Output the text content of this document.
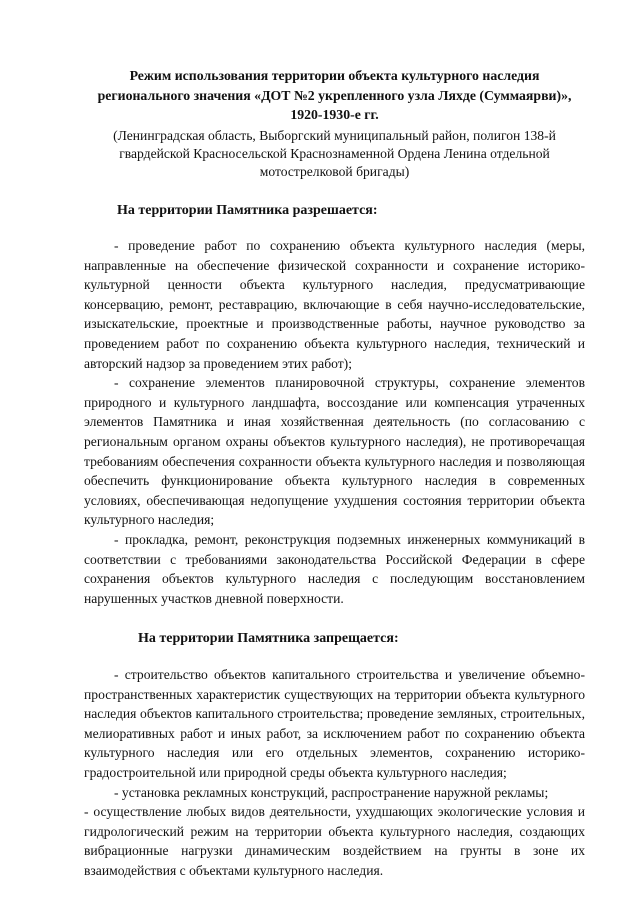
Режим использования территории объекта культурного наследия регионального значения «ДОТ №2 укрепленного узла Ляхде (Суммаярви)», 1920-1930-е гг.

(Ленинградская область, Выборгский муниципальный район, полигон 138-й гвардейской Красносельской Краснознаменной Ордена Ленина отдельной мотострелковой бригады)

На территории Памятника разрешается:

- проведение работ по сохранению объекта культурного наследия (меры, направленные на обеспечение физической сохранности и сохранение историко-культурной ценности объекта культурного наследия, предусматривающие консервацию, ремонт, реставрацию, включающие в себя научно-исследовательские, изыскательские, проектные и производственные работы, научное руководство за проведением работ по сохранению объекта культурного наследия, технический и авторский надзор за проведением этих работ);

- сохранение элементов планировочной структуры, сохранение элементов природного и культурного ландшафта, воссоздание или компенсация утраченных элементов Памятника и иная хозяйственная деятельность (по согласованию с региональным органом охраны объектов культурного наследия), не противоречащая требованиям обеспечения сохранности объекта культурного наследия и позволяющая обеспечить функционирование объекта культурного наследия в современных условиях, обеспечивающая недопущение ухудшения состояния территории объекта культурного наследия;

- прокладка, ремонт, реконструкция подземных инженерных коммуникаций в соответствии с требованиями законодательства Российской Федерации в сфере сохранения объектов культурного наследия с последующим восстановлением нарушенных участков дневной поверхности.

На территории Памятника запрещается:

- строительство объектов капитального строительства и увеличение объемно-пространственных характеристик существующих на территории объекта культурного наследия объектов капитального строительства; проведение земляных, строительных, мелиоративных работ и иных работ, за исключением работ по сохранению объекта культурного наследия или его отдельных элементов, сохранению историко-градостроительной или природной среды объекта культурного наследия;

- установка рекламных конструкций, распространение наружной рекламы;

- осуществление любых видов деятельности, ухудшающих экологические условия и гидрологический режим на территории объекта культурного наследия, создающих вибрационные нагрузки динамическим воздействием на грунты в зоне их взаимодействия с объектами культурного наследия.
